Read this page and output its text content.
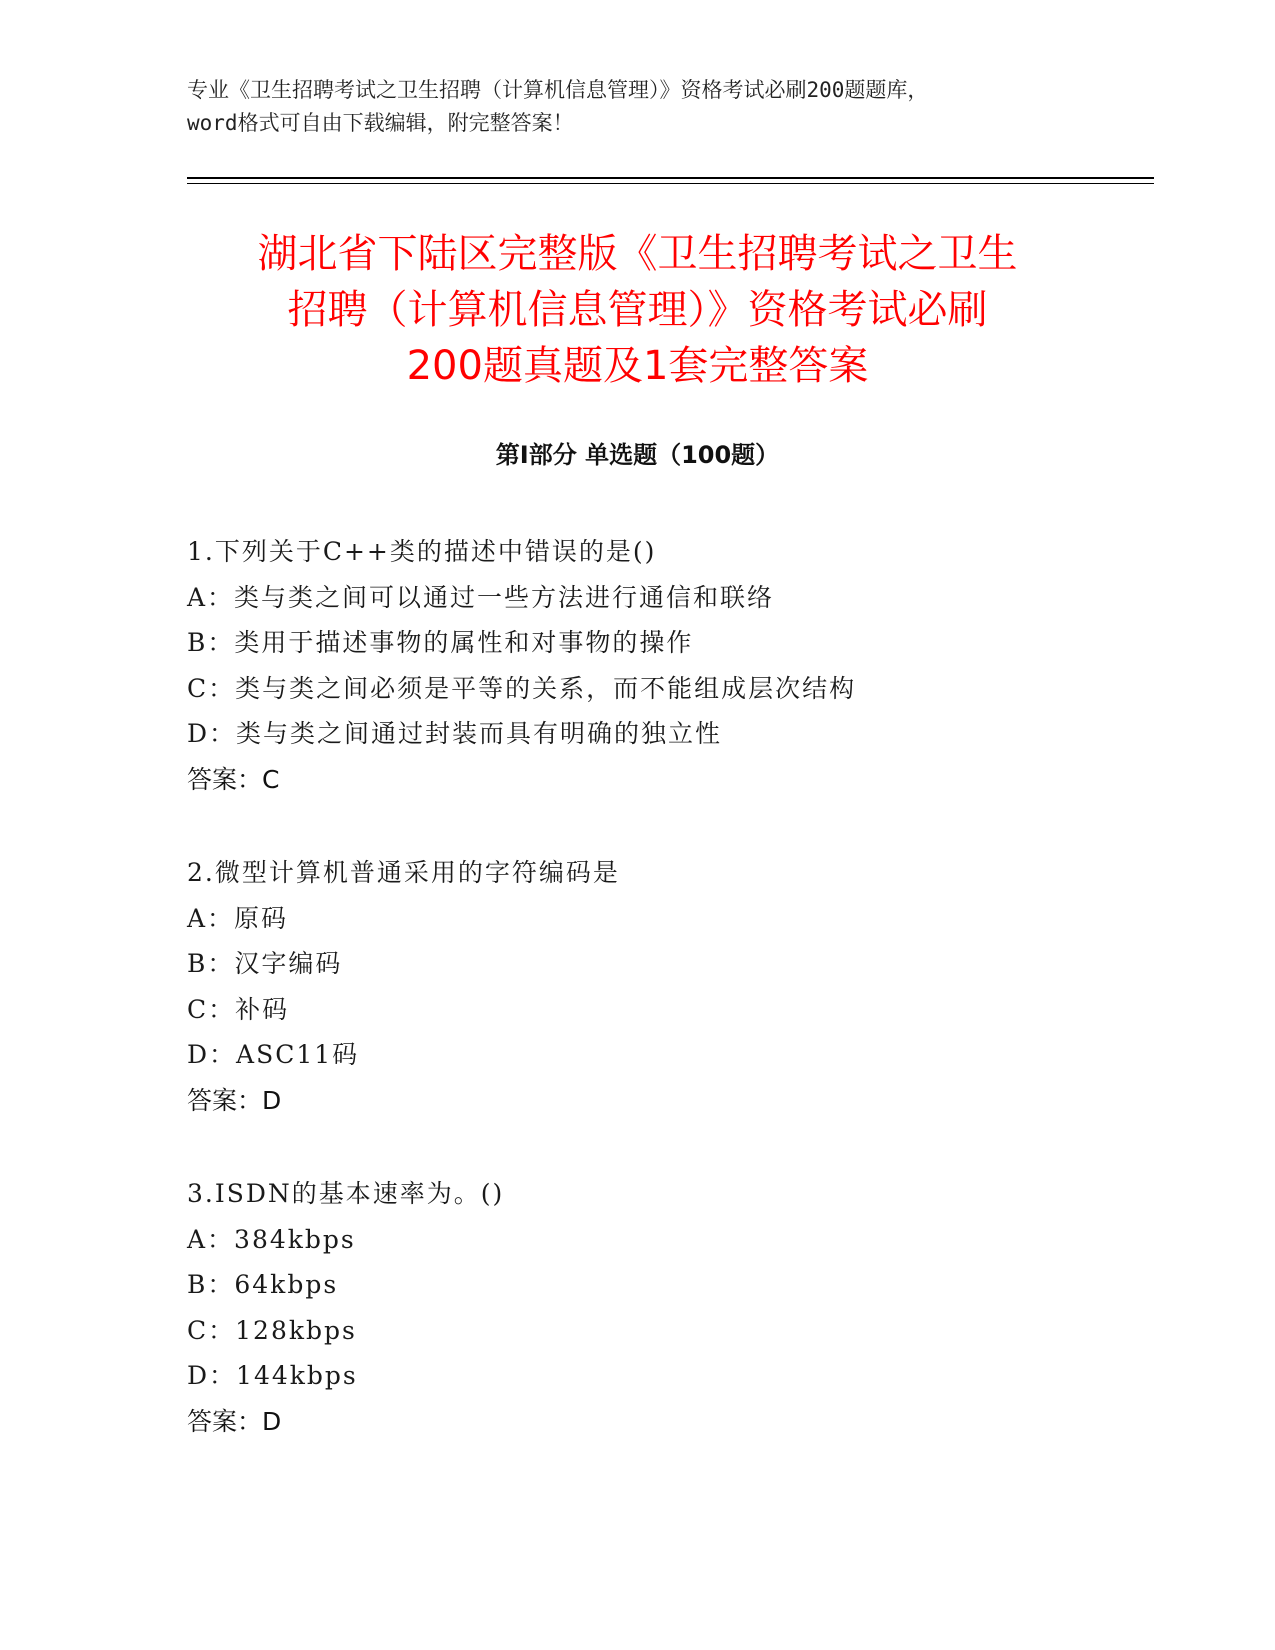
专业《卫生招聘考试之卫生招聘（计算机信息管理）》资格考试必刷200题题库，
word格式可自由下载编辑，附完整答案！
湖北省下陆区完整版《卫生招聘考试之卫生
招聘（计算机信息管理）》资格考试必刷
200题真题及1套完整答案
第Ⅰ部分 单选题（100题）
1.下列关于C++类的描述中错误的是()
A：类与类之间可以通过一些方法进行通信和联络
B：类用于描述事物的属性和对事物的操作
C：类与类之间必须是平等的关系，而不能组成层次结构
D：类与类之间通过封装而具有明确的独立性
答案：C
2.微型计算机普通采用的字符编码是
A：原码
B：汉字编码
C：补码
D：ASC11码
答案：D
3.ISDN的基本速率为。()
A：384kbps
B：64kbps
C：128kbps
D：144kbps
答案：D
